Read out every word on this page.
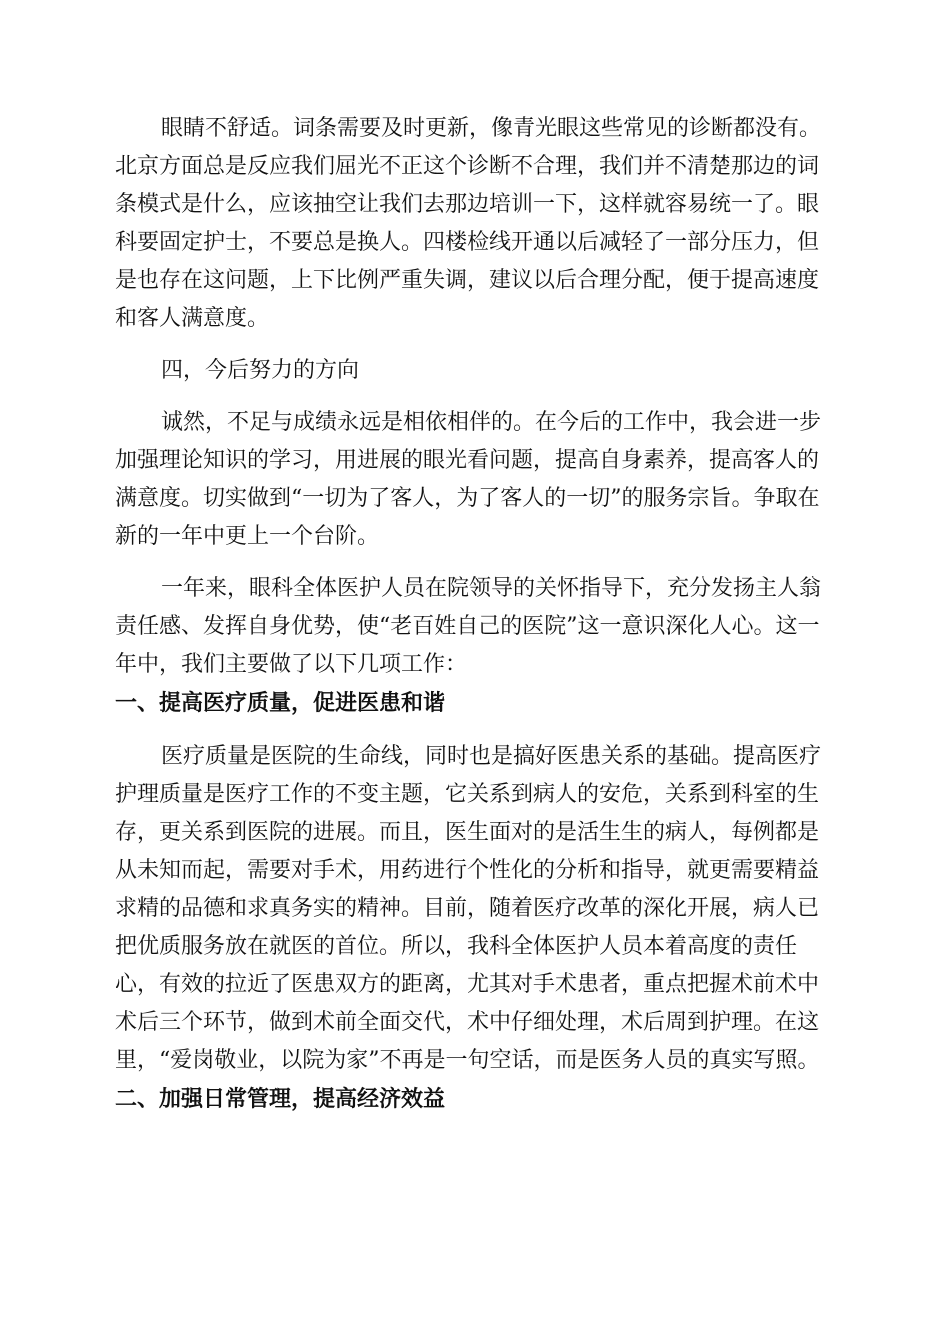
眼睛不舒适。词条需要及时更新，像青光眼这些常见的诊断都没有。北京方面总是反应我们屈光不正这个诊断不合理，我们并不清楚那边的词条模式是什么，应该抽空让我们去那边培训一下，这样就容易统一了。眼科要固定护士，不要总是换人。四楼检线开通以后减轻了一部分压力，但是也存在这问题，上下比例严重失调，建议以后合理分配，便于提高速度和客人满意度。

四，今后努力的方向

诚然，不足与成绩永远是相依相伴的。在今后的工作中，我会进一步加强理论知识的学习，用进展的眼光看问题，提高自身素养，提高客人的满意度。切实做到“一切为了客人，为了客人的一切”的服务宗旨。争取在新的一年中更上一个台阶。

一年来，眼科全体医护人员在院领导的关怀指导下，充分发扬主人翁责任感、发挥自身优势，使“老百姓自己的医院”这一意识深化人心。这一年中，我们主要做了以下几项工作：

一、提高医疗质量，促进医患和谐

医疗质量是医院的生命线，同时也是搞好医患关系的基础。提高医疗护理质量是医疗工作的不变主题，它关系到病人的安危，关系到科室的生存，更关系到医院的进展。而且，医生面对的是活生生的病人，每例都是从未知而起，需要对手术，用药进行个性化的分析和指导，就更需要精益求精的品德和求真务实的精神。目前，随着医疗改革的深化开展，病人已把优质服务放在就医的首位。所以，我科全体医护人员本着高度的责任心，有效的拉近了医患双方的距离，尤其对手术患者，重点把握术前术中术后三个环节，做到术前全面交代，术中仔细处理，术后周到护理。在这里，“爱岗敬业，以院为家”不再是一句空话，而是医务人员的真实写照。

二、加强日常管理，提高经济效益
